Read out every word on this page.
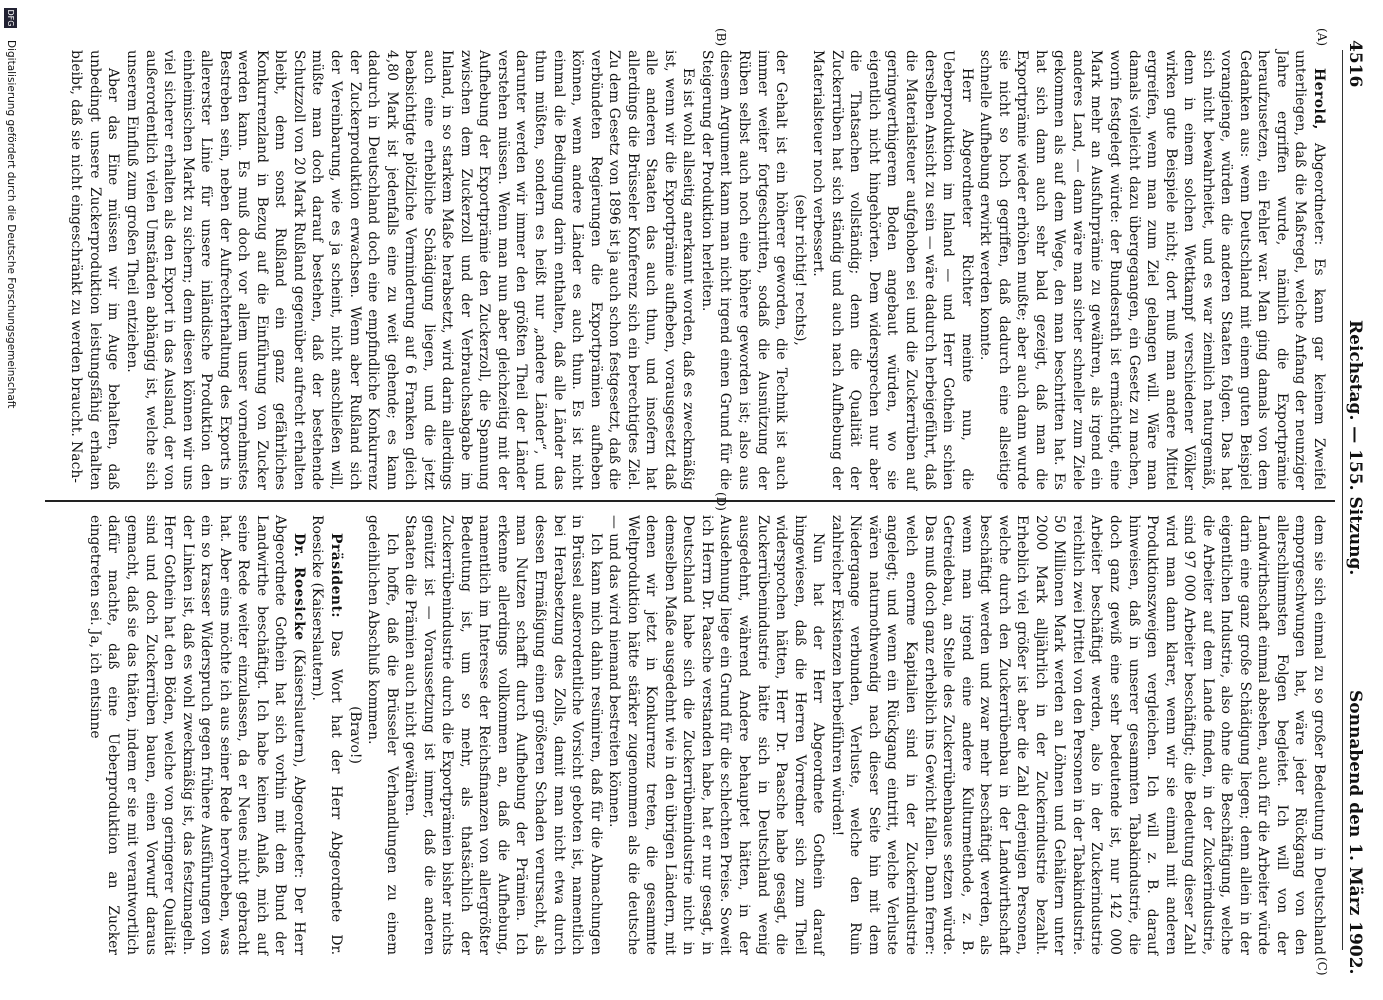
4516
Reichstag. — 155. Sitzung.
Sonnabend den 1. März 1902.
(A)
(B)
(C)

Herold, Abgeordneter: Es kann gar keinem Zweifel unterliegen, daß die Maßregel, welche Anfang der neunziger Jahre ergriffen wurde, nämlich die Exportprämie heraufzusetzen, ein Fehler war. Man ging damals von dem Gedanken aus: wenn Deutschland mit einem guten Beispiel vorangienge, würden die anderen Staaten folgen. Das hat sich nicht bewahrheitet, und es war ziemlich naturgemäß, denn in einem solchen Wettkampf verschiedener Völker wirken gute Beispiele nicht; dort muß man andere Mittel ergreifen, wenn man zum Ziel gelangen will. Wäre man damals vielleicht dazu übergegangen, ein Gesetz zu machen, worin festgelegt würde: der Bundesrath ist ermächtigt, eine Mark mehr an Ausfuhrprämie zu gewähren, als irgend ein anderes Land, — dann wäre man sicher schneller zum Ziele gekommen als auf dem Wege, den man beschritten hat. Es hat sich dann auch sehr bald gezeigt, daß man die Exportprämie wieder erhöhen mußte; aber auch dann wurde sie nicht so hoch gegriffen, daß dadurch eine allseitige schnelle Aufhebung erwirkt werden konnte.

Herr Abgeordneter Richter meinte nun, die Ueberproduktion im Inland — und Herr Gothein schien derselben Ansicht zu sein — wäre dadurch herbeigeführt, daß die Materialsteuer aufgehoben sei und die Zuckerrüben auf geringwerthigerem Boden angebaut würden, wo sie eigentlich nicht hingehörten. Dem widersprechen nur aber die Thatsachen vollständig; denn die Qualität der Zuckerrüben hat sich ständig und auch nach Aufhebung der Materialsteuer noch verbessert.

(sehr richtig! rechts),

der Gehalt ist ein höherer geworden, die Technik ist auch immer weiter fortgeschritten, sodaß die Ausnützung der Rüben selbst auch noch eine höhere geworden ist; also aus diesem Argument kann man nicht irgend einen Grund für die Steigerung der Produktion herleiten.

Es ist wohl allseitig anerkannt worden, daß es zweckmäßig ist, wenn wir die Exportprämie aufheben, vorausgesetzt daß alle anderen Staaten das auch thun, und insofern hat allerdings die Brüsseler Konferenz sich ein berechtigtes Ziel. Zu dem Gesetz von 1896 ist ja auch schon festgesetzt, daß die verbündeten Regierungen die Exportprämien aufheben können, wenn andere Länder es auch thun. Es ist nicht einmal die Bedingung darin enthalten, daß alle Länder das thun müßten, sondern es heißt nur „andere Länder“, und darunter werden wir immer den größten Theil der Länder verstehen müssen. Wenn man nun aber gleichzeitig mit der Aufhebung der Exportprämie den Zuckerzoll, die Spannung zwischen dem Zuckerzoll und der Verbrauchsabgabe im Inland, in so starkem Maße herabsetzt, wird darin allerdings auch eine erhebliche Schädigung liegen, und die jetzt beabsichtigte plötzliche Verminderung auf 6 Franken gleich 4,80 Mark ist jedenfalls eine zu weit gehende; es kann dadurch in Deutschland doch eine empfindliche Konkurrenz der Zuckerproduktion erwachsen. Wenn aber Rußland sich der Vereinbarung, wie es ja scheint, nicht anschließen will, müßte man doch darauf bestehen, daß der bestehende Schutzzoll von 20 Mark Rußland gegenüber aufrecht erhalten bleibt, denn sonst Rußland ein ganz gefährliches Konkurrenzland in Bezug auf die Einführung von Zucker werden kann. Es muß doch vor allem unser vornehmstes Bestreben sein, neben der Aufrechterhaltung des Exports in allererster Linie für unsere inländische Produktion den einheimischen Markt zu sichern; denn diesen können wir uns viel sicherer erhalten als den Export in das Ausland, der von außerordentlich vielen Umständen abhängig ist, welche sich unserem Einfluß zum großen Theil entziehen.

Aber das Eine müssen wir im Auge behalten, daß unbedingt unsere Zuckerproduktion leistungsfähig erhalten bleibt, daß sie nicht eingeschränkt zu werden braucht. Nach-

dem sie sich einmal zu so großer Bedeutung in Deutschland emporgeschwungen hat, wäre jeder Rückgang von den allerschlimmsten Folgen begleitet. Ich will von der Landwirthschaft einmal absehen, auch für die Arbeiter würde darin eine ganz große Schädigung liegen; denn allein in der eigentlichen Industrie, also ohne die Beschäftigung, welche die Arbeiter auf dem Lande finden, in der Zuckerindustrie, sind 97 000 Arbeiter beschäftigt; die Bedeutung dieser Zahl wird man dann klarer, wenn wir sie einmal mit anderen Produktionszweigen vergleichen. Ich will z. B. darauf hinweisen, daß in unserer gesammten Tabakindustrie, die doch ganz gewiß eine sehr bedeutende ist, nur 142 000 Arbeiter beschäftigt werden, also in der Zuckerindustrie reichlich zwei Drittel von den Personen in der Tabakindustrie. 50 Millionen Mark werden an Löhnen und Gehältern unter 2000 Mark alljährlich in der Zuckerindustrie bezahlt. Erheblich viel größer ist aber die Zahl derjenigen Personen, welche durch den Zuckerrübenbau in der Landwirthschaft beschäftigt werden und zwar mehr beschäftigt werden, als wenn man irgend eine andere Kulturmethode, z. B. Getreidebau, an Stelle des Zuckerrübenbaues setzen würde. Das muß doch ganz erheblich ins Gewicht fallen. Dann ferner: welch enorme Kapitalien sind in der Zuckerindustrie angelegt; und wenn ein Rückgang eintritt, welche Verluste wären naturnothwendig nach dieser Seite hin mit dem Niedergange verbunden, Verluste, welche den Ruin zahlreicher Existenzen herbeiführen würden!

Nun hat der Herr Abgeordnete Gothein darauf hingewiesen, daß die Herren Vorredner sich zum Theil widersprochen hätten, Herr Dr. Paasche habe gesagt, die Zuckerrübenindustrie hätte sich in Deutschland wenig ausgedehnt, während Andere behauptet hätten, in der Ausdehnung liege ein Grund für die schlechten Preise. Soweit ich Herrn Dr. Paasche verstanden habe, hat er nur gesagt, in Deutschland habe sich die Zuckerrübenindustrie nicht in demselben Maße ausgedehnt wie in den übrigen Ländern, mit denen wir jetzt in Konkurrenz treten, die gesammte Weltproduktion hätte stärker zugenommen als die deutsche — und das wird niemand bestreiten können.

Ich kann mich dahin resümiren, daß für die Abmachungen in Brüssel außerordentliche Vorsicht geboten ist, namentlich bei Herabsetzung des Zolls, damit man nicht etwa durch dessen Ermäßigung einen größeren Schaden verursacht, als man Nutzen schafft durch Aufhebung der Prämien. Ich erkenne allerdings vollkommen an, daß die Aufhebung, namentlich im Interesse der Reichsfinanzen von allergrößter Bedeutung ist, um so mehr, als thatsächlich der Zuckerrübenindustrie durch die Exportprämien bisher nichts genützt ist — Voraussetzung ist immer, daß die anderen Staaten die Prämien auch nicht gewähren.

Ich hoffe, daß die Brüsseler Verhandlungen zu einem gedeihlichen Abschluß kommen.

(Bravo!)

Präsident: Das Wort hat der Herr Abgeordnete Dr. Roesicke (Kaiserslautern).

Dr. Roesicke (Kaiserslautern), Abgeordneter: Der Herr Abgeordnete Gothein hat sich vorhin mit dem Bund der Landwirthe beschäftigt. Ich habe keinen Anlaß, mich auf seine Rede weiter einzulassen, da er Neues nicht gebracht hat. Aber eins möchte ich aus seiner Rede hervorheben, was ein so krasser Widerspruch gegen frühere Ausführungen von der Linken ist, daß es wohl zweckmäßig ist, das festzunageln. Herr Gothein hat den Böden, welche von geringerer Qualität sind und doch Zuckerrüben bauen, einen Vorwurf daraus gemacht, daß sie das thäten, indem er sie mit verantwortlich dafür machte, daß eine Ueberproduktion an Zucker eingetreten sei. Ja, ich entsinne

DFG
Digitalisierung gefördert durch die Deutsche Forschungsgemeinschaft
